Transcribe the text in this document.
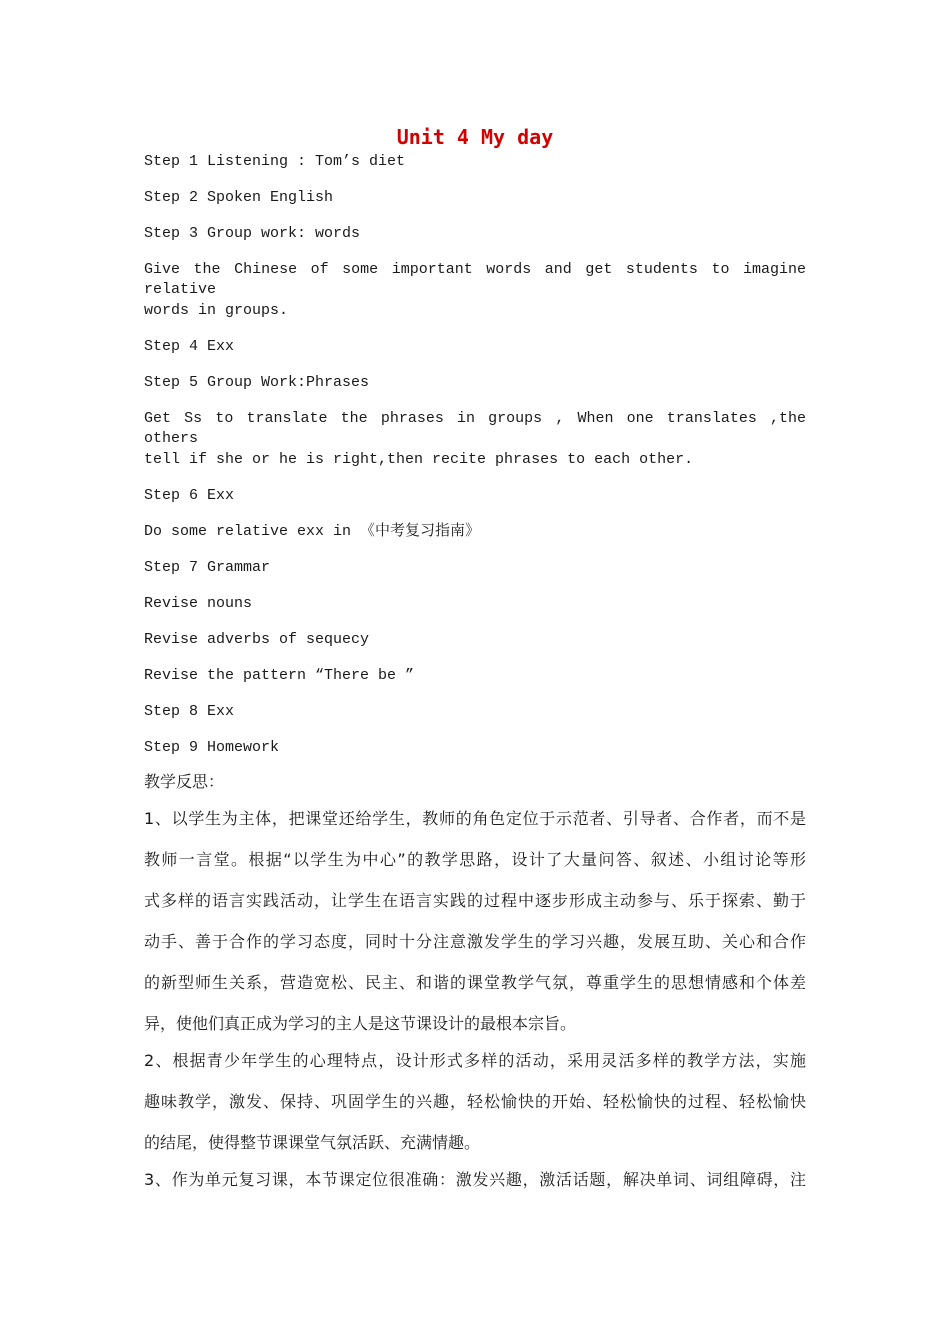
Unit 4 My day

Step 1 Listening : Tom’s diet

Step 2 Spoken English

Step 3 Group work: words

Give the Chinese of some important words and get students to imagine relative

words in groups.

Step 4 Exx

Step 5 Group Work:Phrases

Get Ss to translate the phrases in groups , When one translates ,the others

tell if she or he is right,then recite phrases to each other.

Step 6 Exx

Do some relative exx in 《中考复习指南》

Step 7 Grammar

Revise nouns

Revise adverbs of sequecy

Revise the pattern “There be ”

Step 8 Exx

Step 9 Homework

教学反思：

1、以学生为主体，把课堂还给学生，教师的角色定位于示范者、引导者、合作者，而不是

教师一言堂。根据“以学生为中心”的教学思路，设计了大量问答、叙述、小组讨论等形

式多样的语言实践活动，让学生在语言实践的过程中逐步形成主动参与、乐于探索、勤于

动手、善于合作的学习态度，同时十分注意激发学生的学习兴趣，发展互助、关心和合作

的新型师生关系，营造宽松、民主、和谐的课堂教学气氛，尊重学生的思想情感和个体差

异，使他们真正成为学习的主人是这节课设计的最根本宗旨。

2、根据青少年学生的心理特点，设计形式多样的活动，采用灵活多样的教学方法，实施

趣味教学，激发、保持、巩固学生的兴趣，轻松愉快的开始、轻松愉快的过程、轻松愉快

的结尾，使得整节课课堂气氛活跃、充满情趣。

3、作为单元复习课，本节课定位很准确：激发兴趣，激活话题，解决单词、词组障碍，注
